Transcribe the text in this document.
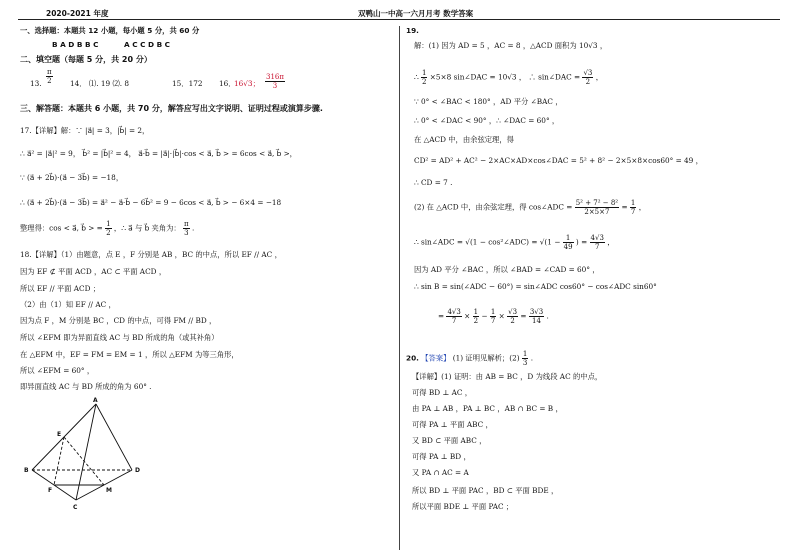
2020-2021 年度	双鸭山一中高一六月月考 数学答案
一、选择题：本题共 12 小题，每小题 5 分，共 60 分
B A D B B C	A C C D B C
二、填空题（每题 5 分，共 20 分）
13. $\frac{\pi}{2} 14$． ⑴. 19 ⑵. 8	15．172 16．
16√3； $\frac{316\pi}{3}$
三、解答题：本题共 6 小题，共 70 分，解答应写出文字说明、证明过程或演算步骤.
17.【详解】解：∵ |a⃗| = 3，|b⃗| = 2，
∴ a⃗² = |a⃗|² = 9， b⃗² = |b⃗|² = 4， a⃗·b⃗ = |a⃗|·|b⃗|·cos < a⃗, b⃗ > = 6cos < a⃗, b⃗ >，
∵ (a⃗ + 2b⃗)·(a⃗ − 3b⃗) = −18，
∴ (a⃗ + 2b⃗)·(a⃗ − 3b⃗) = a⃗² − a⃗·b⃗ − 6b⃗² = 9 − 6cos < a⃗, b⃗ > − 6×4 = −18
整理得：cos < a⃗, b⃗ > = $\frac{1}{2}$ ，∴ a⃗ 与 b⃗ 夹角为： $\frac{\pi}{3}$ .
18.【详解】（1）由题意，点 E ，F 分别是 AB ，BC 的中点，所以 EF // AC ，
因为 EF ⊄ 平面 ACD ，AC ⊂ 平面 ACD ，
所以 EF // 平面 ACD ；
（2）由（1）知 EF // AC ，
因为点 F ，M 分别是 BC ，CD 的中点，可得 FM // BD ，
所以 ∠EFM 即为异面直线 AC 与 BD 所成的角（或其补角）
在 △EFM 中，EF = FM = EM = 1 ，所以 △EFM 为等三角形，
所以 ∠EFM = 60° ，
即异面直线 AC 与 BD 所成的角为 60° .
A
E
B	D
F	M
C
19.
解：(1) 因为 AD = 5 ，AC = 8 ，△ACD 面积为 10√3 ，
∴ $\frac{1}{2} \times 5\times 8$ sin∠DAC = 10√3 ， ∴ sin∠DAC = $\frac{√3}{2}$ ，
∵ 0° < ∠BAC < 180° ，AD 平分 ∠BAC ，
∴ 0° < ∠DAC < 90° ，∴ ∠DAC = 60° ，
在 △ACD 中，由余弦定理，得
CD² = AD² + AC² − 2×AC×AD×cos∠DAC = 5² + 8² − 2×5×8×cos60° = 49 ，
∴ CD = 7 .
(2) 在 △ACD 中，由余弦定理，得 cos∠ADC = $\frac{\text{5² + 7² − 8²}}{2\times 5\times 7} = \frac{1}{7}$ ，
∴ sin∠ADC = √(1 − cos²∠ADC) = $√(1 - \frac{1}{49}$ ) = $\frac{4√3}{7}$ ，
因为 AD 平分 ∠BAC ，所以 ∠BAD = ∠CAD = 60° ，
∴ sin B = sin(∠ADC − 60°) = sin∠ADC cos60° − cos∠ADC sin60°
= $\frac{4√3}{7} \times \frac{1}{2} - \frac{1}{7} \times \frac{√3}{2} = \frac{3√3}{14}$ .
20. 【答案】 (1) 证明见解析；$(2) \frac{1}{3}$ .
【详解】(1) 证明：由 AB = BC ，D 为线段 AC 的中点，
可得 BD ⊥ AC ，
由 PA ⊥ AB ，PA ⊥ BC ，AB ∩ BC = B ，
可得 PA ⊥ 平面 ABC ，
又 BD ⊂ 平面 ABC ，
可得 PA ⊥ BD ，
又 PA ∩ AC = A
所以 BD ⊥ 平面 PAC ，BD ⊂ 平面 BDE ，
所以平面 BDE ⊥ 平面 PAC ；
